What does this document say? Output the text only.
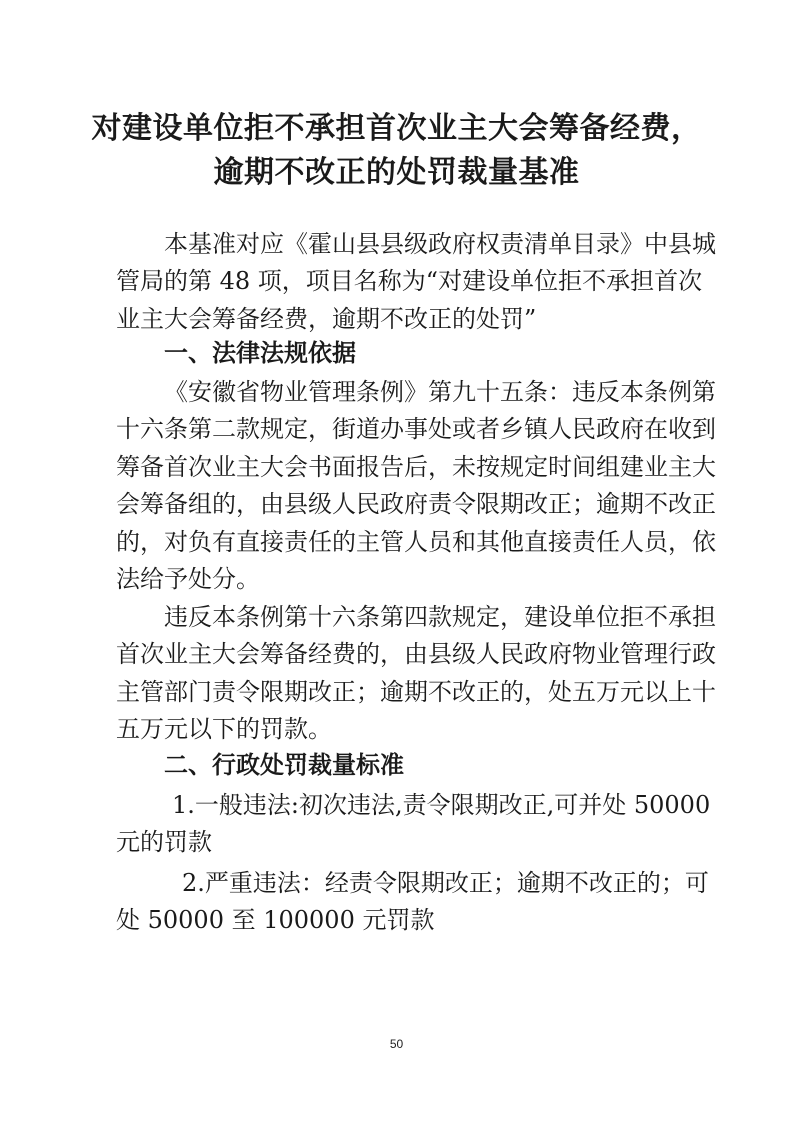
对建设单位拒不承担首次业主大会筹备经费，
逾期不改正的处罚裁量基准
本基准对应《霍山县县级政府权责清单目录》中县城
管局的第 48 项，项目名称为“对建设单位拒不承担首次
业主大会筹备经费，逾期不改正的处罚”
一、法律法规依据
《安徽省物业管理条例》第九十五条：违反本条例第
十六条第二款规定，街道办事处或者乡镇人民政府在收到
筹备首次业主大会书面报告后，未按规定时间组建业主大
会筹备组的，由县级人民政府责令限期改正；逾期不改正
的，对负有直接责任的主管人员和其他直接责任人员，依
法给予处分。
违反本条例第十六条第四款规定，建设单位拒不承担
首次业主大会筹备经费的，由县级人民政府物业管理行政
主管部门责令限期改正；逾期不改正的，处五万元以上十
五万元以下的罚款。
二、行政处罚裁量标准
1.一般违法:初次违法,责令限期改正,可并处 50000
元的罚款
2.严重违法：经责令限期改正；逾期不改正的；可
处 50000 至 100000 元罚款
50
